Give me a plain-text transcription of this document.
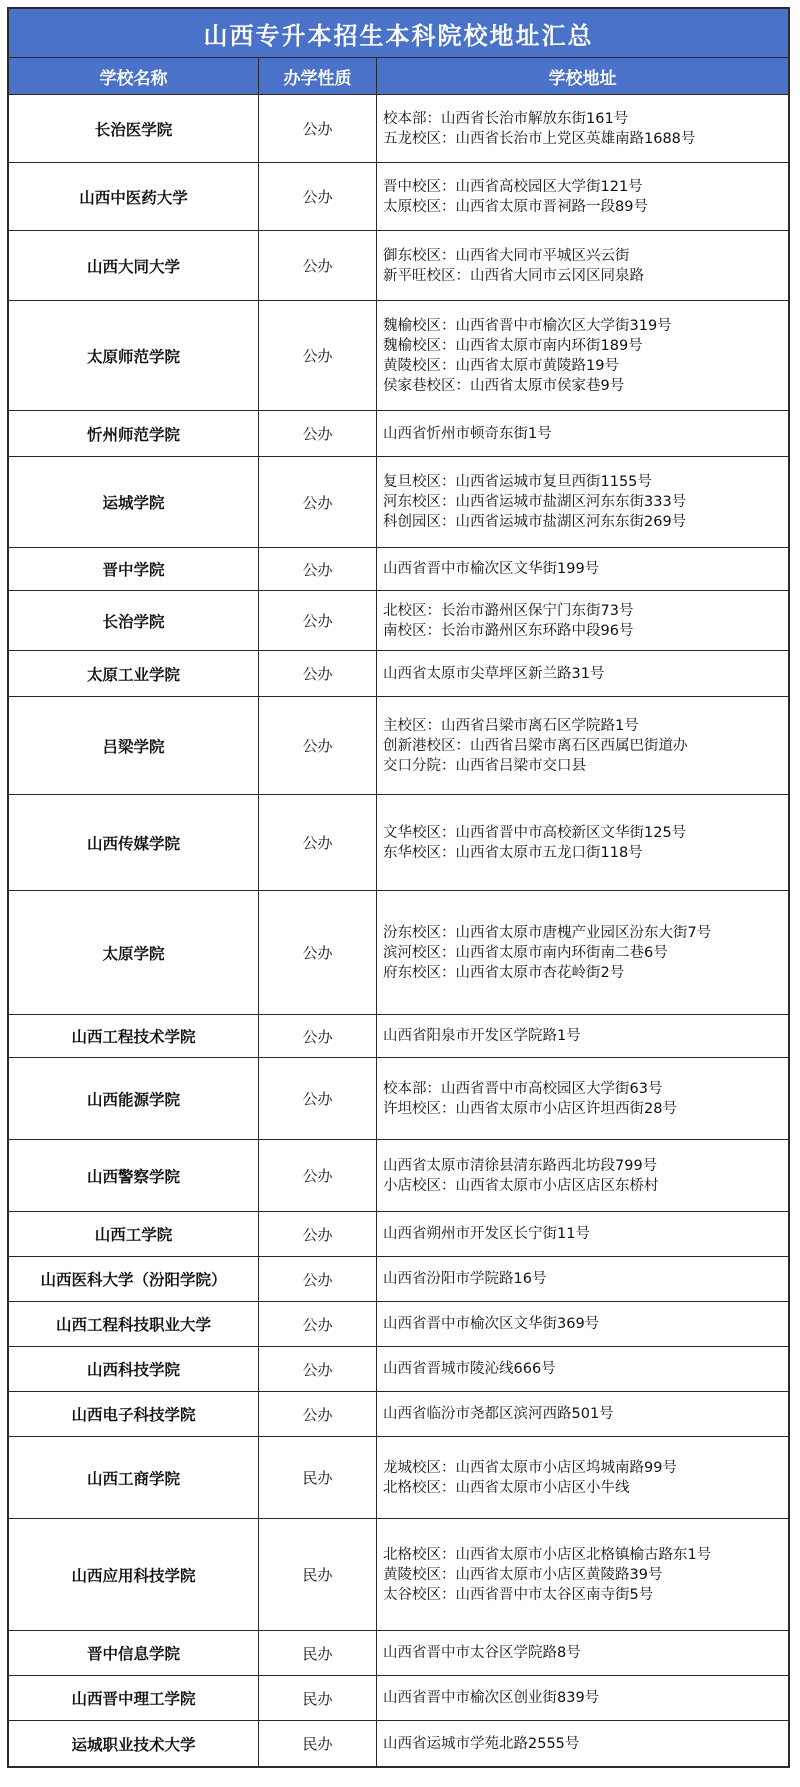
山西专升本招生本科院校地址汇总
学校名称	办学性质	学校地址
长治医学院	公办
校本部：山西省长治市解放东街161号
五龙校区：山西省长治市上党区英雄南路1688号
山西中医药大学	公办
晋中校区：山西省高校园区大学街121号
太原校区：山西省太原市晋祠路一段89号
山西大同大学	公办
御东校区：山西省大同市平城区兴云街
新平旺校区：山西省大同市云冈区同泉路
太原师范学院	公办
魏榆校区：山西省晋中市榆次区大学街319号
魏榆校区：山西省太原市南内环街189号
黄陵校区：山西省太原市黄陵路19号
侯家巷校区：山西省太原市侯家巷9号
忻州师范学院	公办	山西省忻州市顿奇东街1号
运城学院	公办
复旦校区：山西省运城市复旦西街1155号
河东校区：山西省运城市盐湖区河东东街333号
科创园区：山西省运城市盐湖区河东东街269号
晋中学院	公办	山西省晋中市榆次区文华街199号
长治学院	公办
北校区：长治市潞州区保宁门东街73号
南校区：长治市潞州区东环路中段96号
太原工业学院	公办	山西省太原市尖草坪区新兰路31号
吕梁学院	公办
主校区：山西省吕梁市离石区学院路1号
创新港校区：山西省吕梁市离石区西属巴街道办
交口分院：山西省吕梁市交口县
山西传媒学院	公办
文华校区：山西省晋中市高校新区文华街125号
东华校区：山西省太原市五龙口街118号
太原学院	公办
汾东校区：山西省太原市唐槐产业园区汾东大街7号
滨河校区：山西省太原市南内环街南二巷6号
府东校区：山西省太原市杏花岭街2号
山西工程技术学院	公办	山西省阳泉市开发区学院路1号
山西能源学院	公办
校本部：山西省晋中市高校园区大学街63号
许坦校区：山西省太原市小店区许坦西街28号
山西警察学院	公办
山西省太原市清徐县清东路西北坊段799号
小店校区：山西省太原市小店区店区东桥村
山西工学院	公办	山西省朔州市开发区长宁街11号
山西医科大学（汾阳学院）	公办	山西省汾阳市学院路16号
山西工程科技职业大学	公办	山西省晋中市榆次区文华街369号
山西科技学院	公办	山西省晋城市陵沁线666号
山西电子科技学院	公办	山西省临汾市尧都区滨河西路501号
山西工商学院	民办
龙城校区：山西省太原市小店区坞城南路99号
北格校区：山西省太原市小店区小牛线
山西应用科技学院	民办
北格校区：山西省太原市小店区北格镇榆古路东1号
黄陵校区：山西省太原市小店区黄陵路39号
太谷校区：山西省晋中市太谷区南寺街5号
晋中信息学院	民办	山西省晋中市太谷区学院路8号
山西晋中理工学院	民办	山西省晋中市榆次区创业街839号
运城职业技术大学	民办	山西省运城市学苑北路2555号
